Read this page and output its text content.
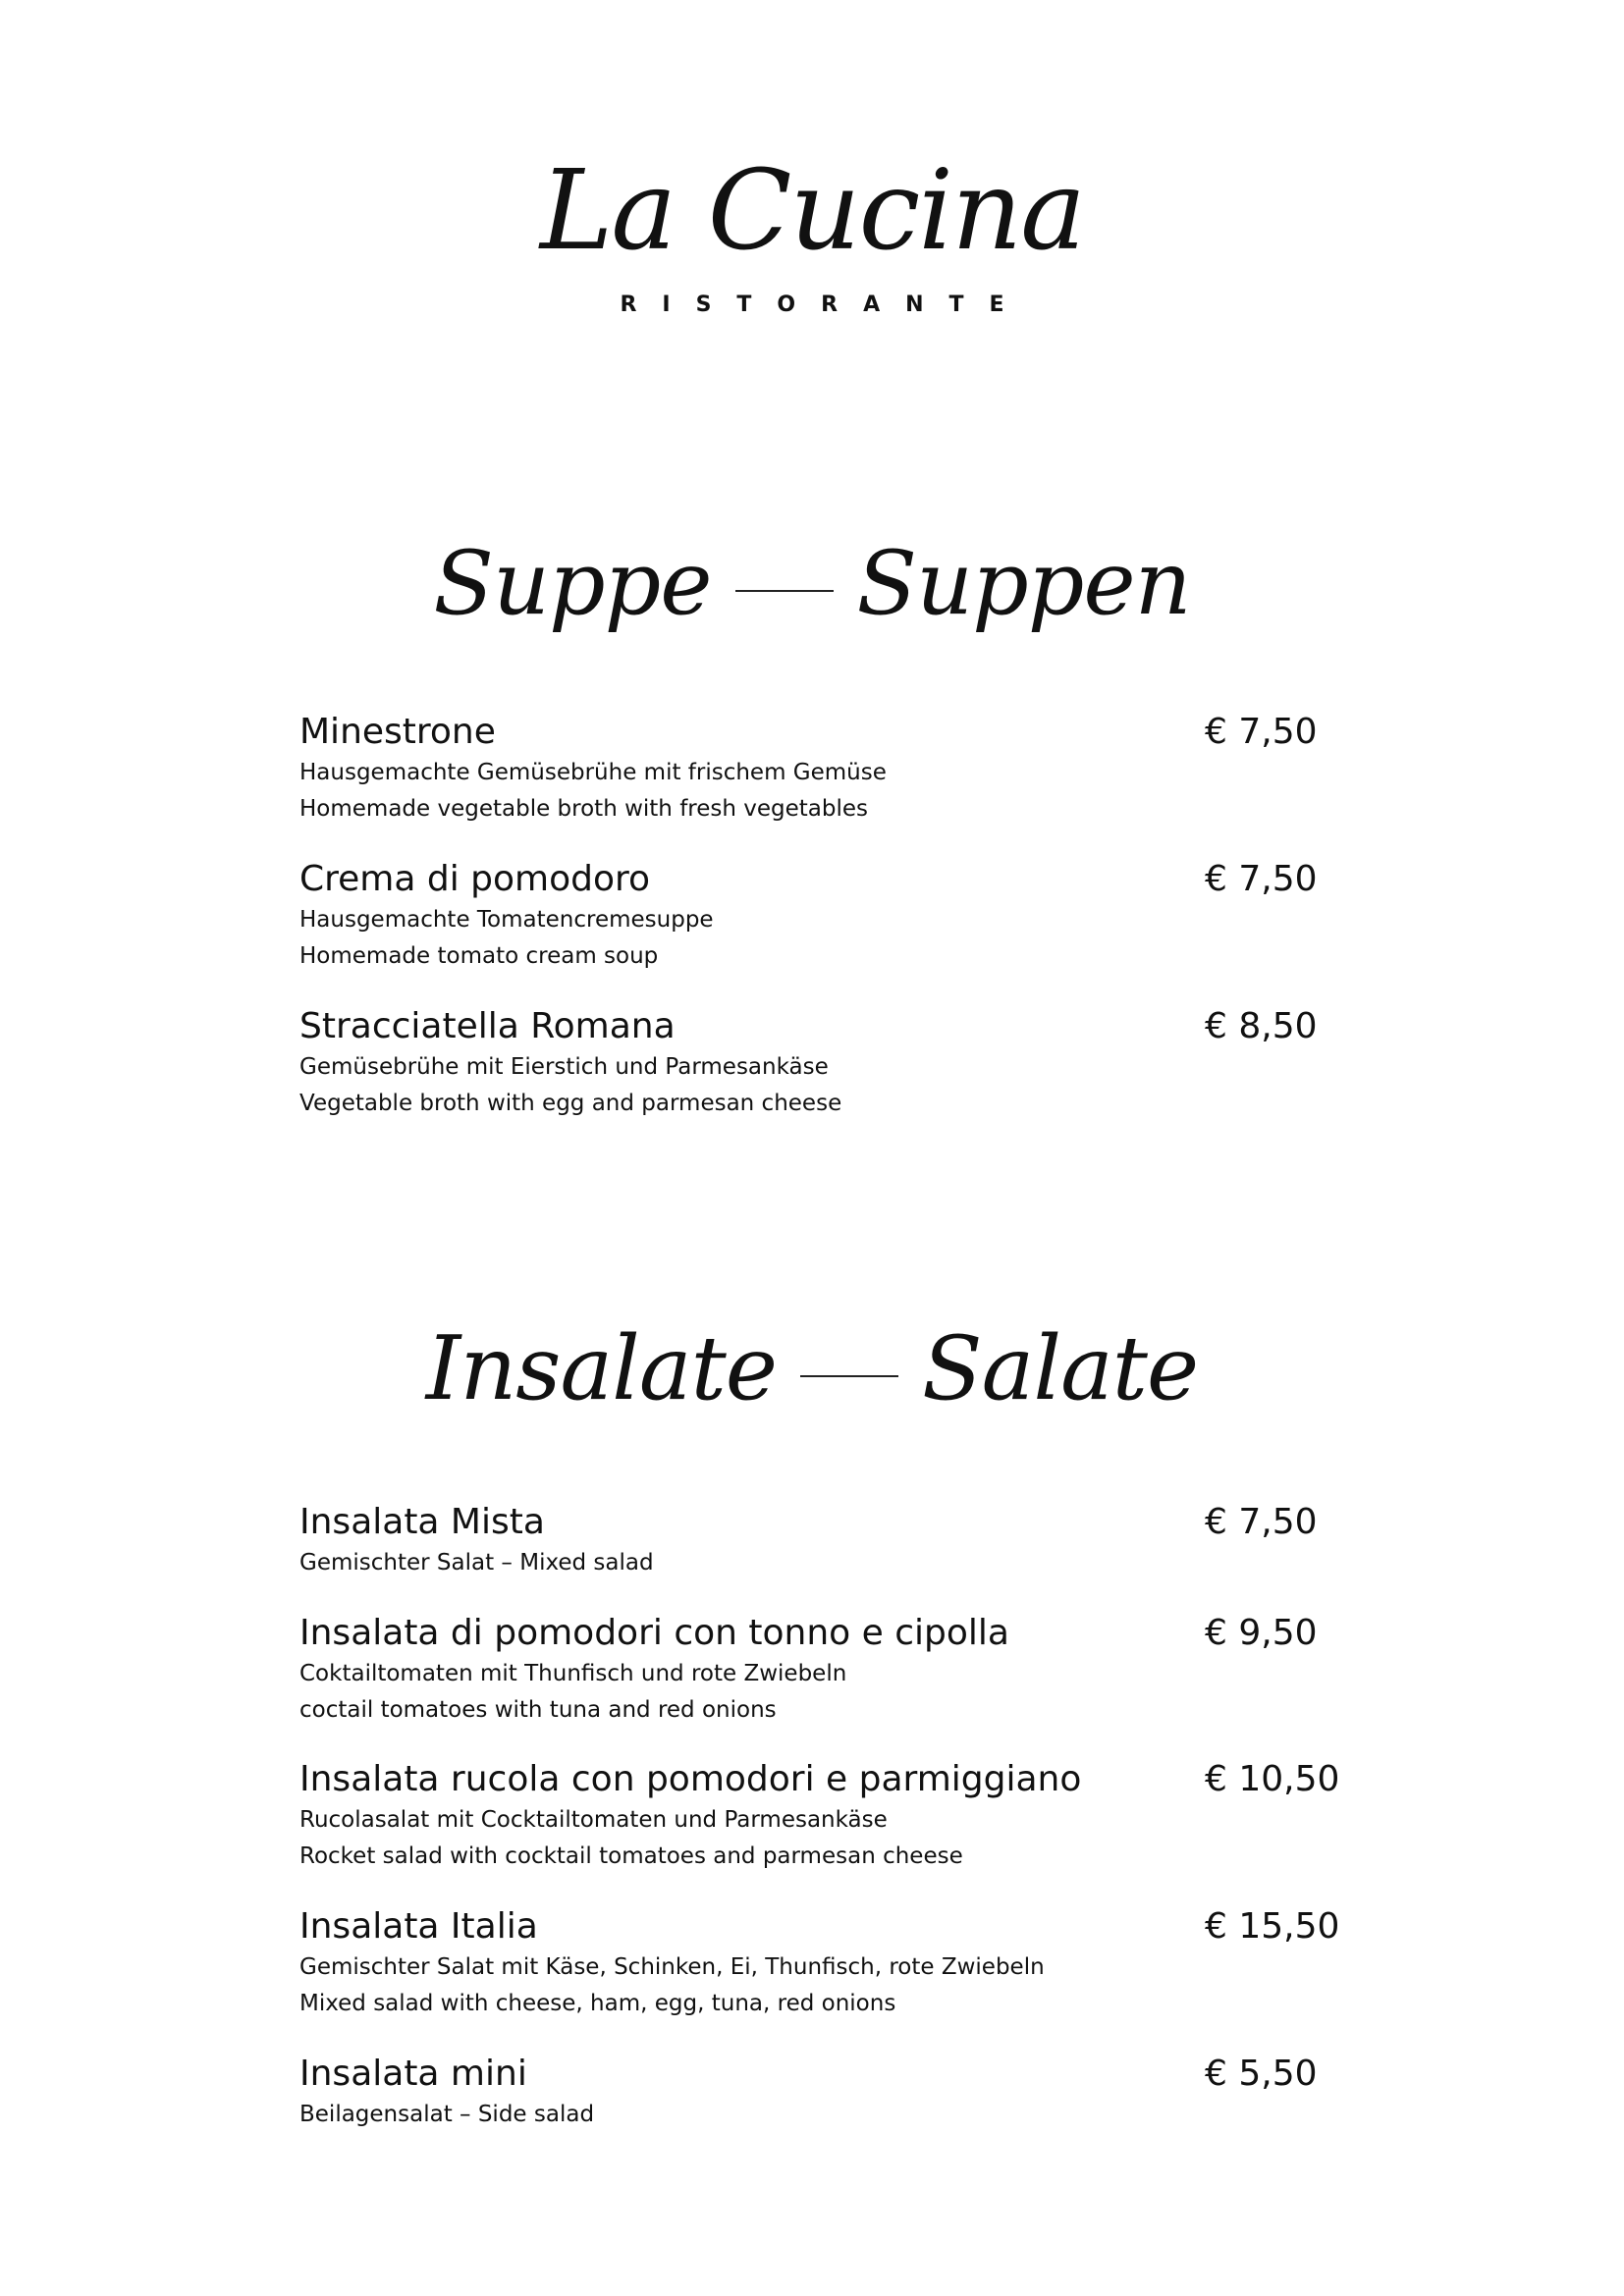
La Cucina
RISTORANTE
Suppe Suppen
Minestrone	€ 7,50
Hausgemachte Gemüsebrühe mit frischem Gemüse
Homemade vegetable broth with fresh vegetables
Crema di pomodoro	€ 7,50
Hausgemachte Tomatencremesuppe
Homemade tomato cream soup
Stracciatella Romana	€ 8,50
Gemüsebrühe mit Eierstich und Parmesankäse
Vegetable broth with egg and parmesan cheese
Insalate Salate
Insalata Mista	€ 7,50
Gemischter Salat – Mixed salad
Insalata di pomodori con tonno e cipolla	€ 9,50
Coktailtomaten mit Thunfisch und rote Zwiebeln
coctail tomatoes with tuna and red onions
Insalata rucola con pomodori e parmiggiano	€ 10,50
Rucolasalat mit Cocktailtomaten und Parmesankäse
Rocket salad with cocktail tomatoes and parmesan cheese
Insalata Italia	€ 15,50
Gemischter Salat mit Käse, Schinken, Ei, Thunfisch, rote Zwiebeln
Mixed salad with cheese, ham, egg, tuna, red onions
Insalata mini	€ 5,50
Beilagensalat – Side salad
